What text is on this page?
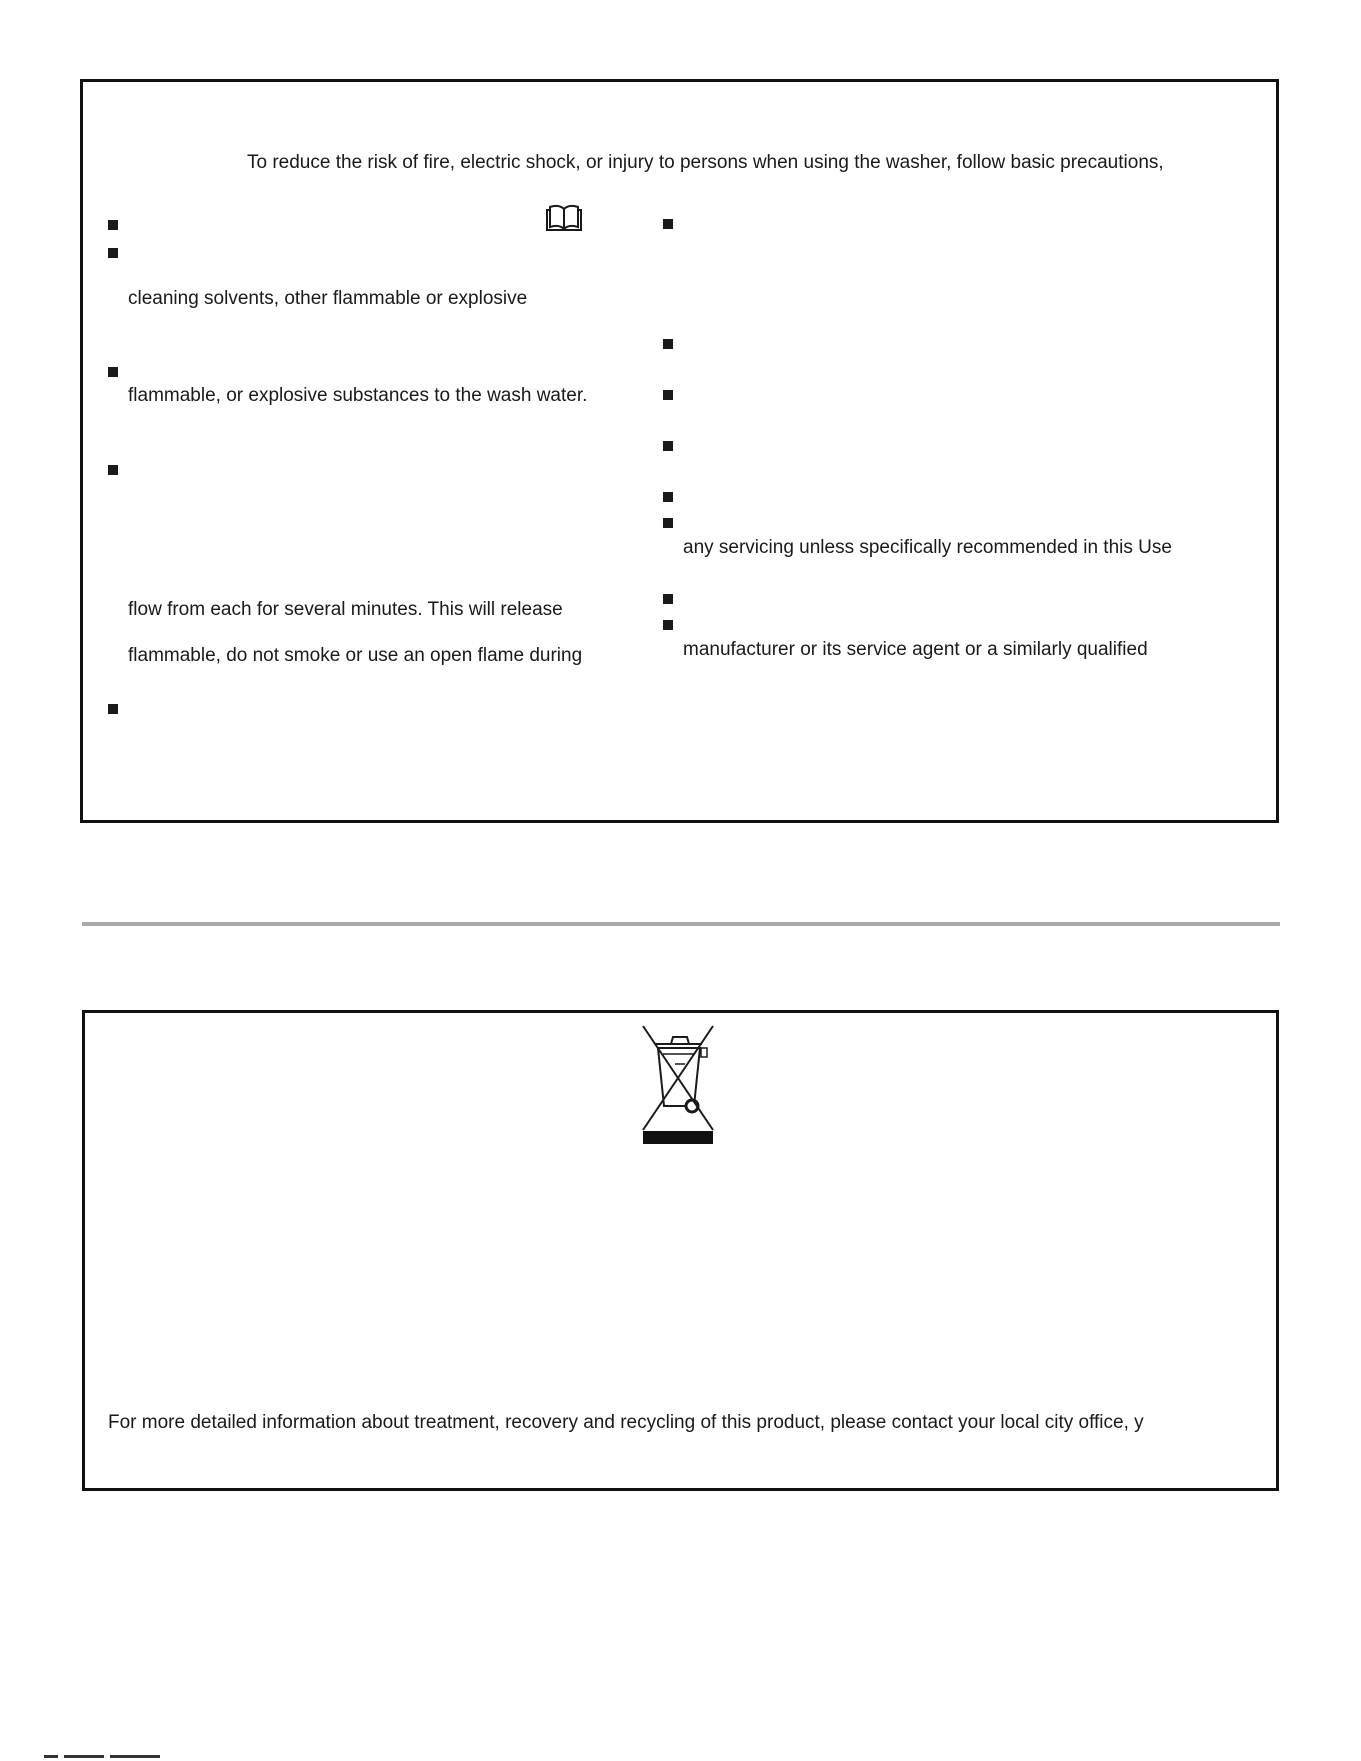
To reduce the risk of fire, electric shock, or injury to persons when using the washer, follow basic precautions,
cleaning solvents, other flammable or explosive
flammable, or explosive substances to the wash water.
flow from each for several minutes. This will release
flammable, do not smoke or use an open flame during
any servicing unless specifically recommended in this Use
manufacturer or its service agent or a similarly qualified
For more detailed information about treatment, recovery and recycling of this product, please contact your local city office, y
